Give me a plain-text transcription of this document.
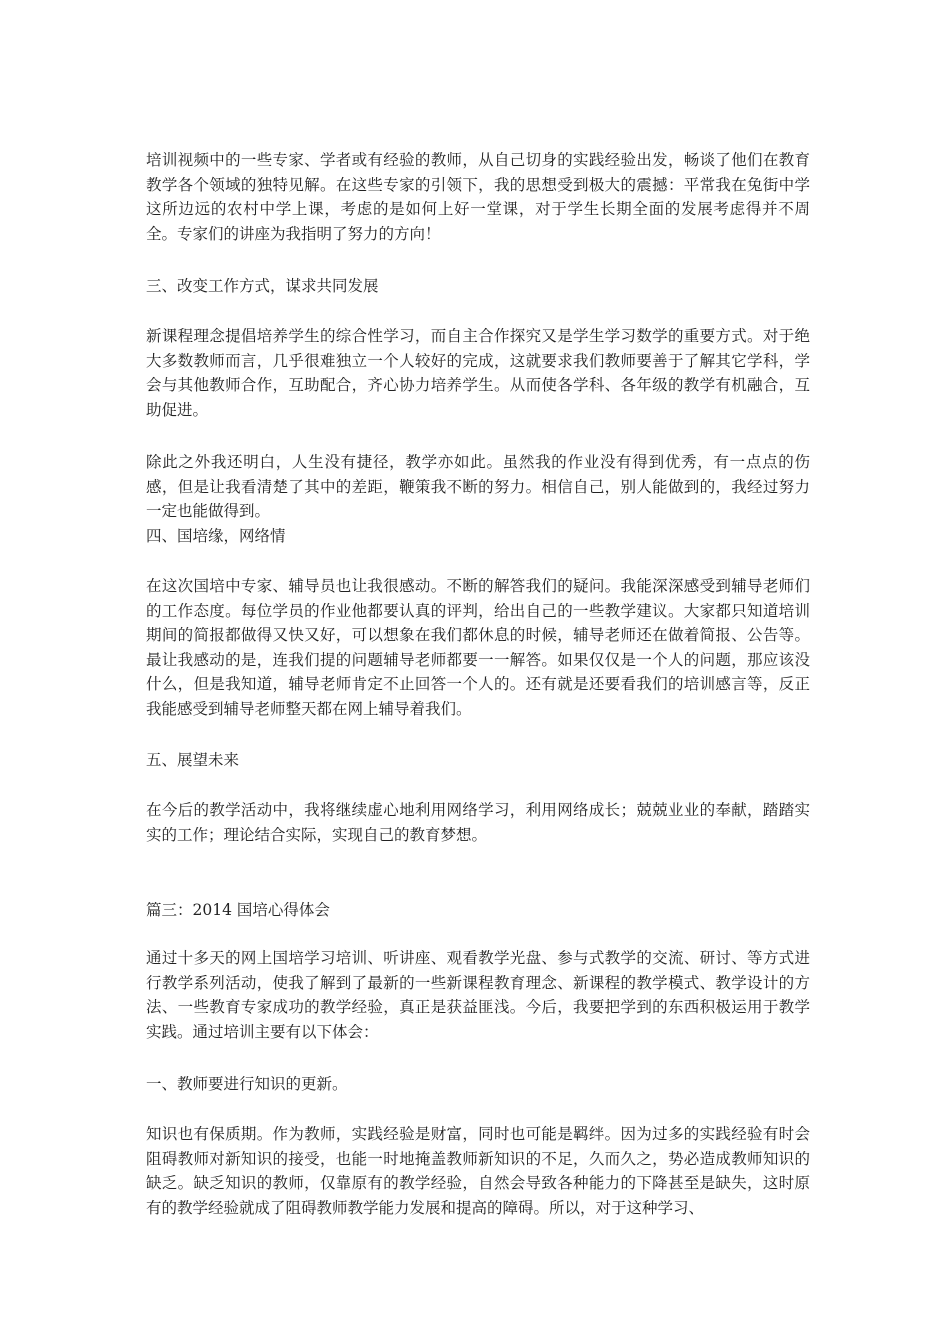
培训视频中的一些专家、学者或有经验的教师，从自己切身的实践经验出发，畅谈了他们在教育教学各个领域的独特见解。在这些专家的引领下，我的思想受到极大的震撼：平常我在兔街中学这所边远的农村中学上课，考虑的是如何上好一堂课，对于学生长期全面的发展考虑得并不周全。专家们的讲座为我指明了努力的方向！

三、改变工作方式，谋求共同发展

新课程理念提倡培养学生的综合性学习，而自主合作探究又是学生学习数学的重要方式。对于绝大多数教师而言，几乎很难独立一个人较好的完成，这就要求我们教师要善于了解其它学科，学会与其他教师合作，互助配合，齐心协力培养学生。从而使各学科、各年级的教学有机融合，互助促进。

除此之外我还明白，人生没有捷径，教学亦如此。虽然我的作业没有得到优秀，有一点点的伤感，但是让我看清楚了其中的差距，鞭策我不断的努力。相信自己，别人能做到的，我经过努力一定也能做得到。

四、国培缘，网络情

在这次国培中专家、辅导员也让我很感动。不断的解答我们的疑问。我能深深感受到辅导老师们的工作态度。每位学员的作业他都要认真的评判，给出自己的一些教学建议。大家都只知道培训期间的简报都做得又快又好，可以想象在我们都休息的时候，辅导老师还在做着简报、公告等。最让我感动的是，连我们提的问题辅导老师都要一一解答。如果仅仅是一个人的问题，那应该没什么，但是我知道，辅导老师肯定不止回答一个人的。还有就是还要看我们的培训感言等，反正我能感受到辅导老师整天都在网上辅导着我们。

五、展望未来

在今后的教学活动中，我将继续虚心地利用网络学习，利用网络成长；兢兢业业的奉献，踏踏实实的工作；理论结合实际，实现自己的教育梦想。

篇三：2014 国培心得体会

通过十多天的网上国培学习培训、听讲座、观看教学光盘、参与式教学的交流、研讨、等方式进行教学系列活动，使我了解到了最新的一些新课程教育理念、新课程的教学模式、教学设计的方法、一些教育专家成功的教学经验，真正是获益匪浅。今后，我要把学到的东西积极运用于教学实践。通过培训主要有以下体会：

一、教师要进行知识的更新。

知识也有保质期。作为教师，实践经验是财富，同时也可能是羁绊。因为过多的实践经验有时会阻碍教师对新知识的接受，也能一时地掩盖教师新知识的不足，久而久之，势必造成教师知识的缺乏。缺乏知识的教师，仅靠原有的教学经验，自然会导致各种能力的下降甚至是缺失，这时原有的教学经验就成了阻碍教师教学能力发展和提高的障碍。所以，对于这种学习、
